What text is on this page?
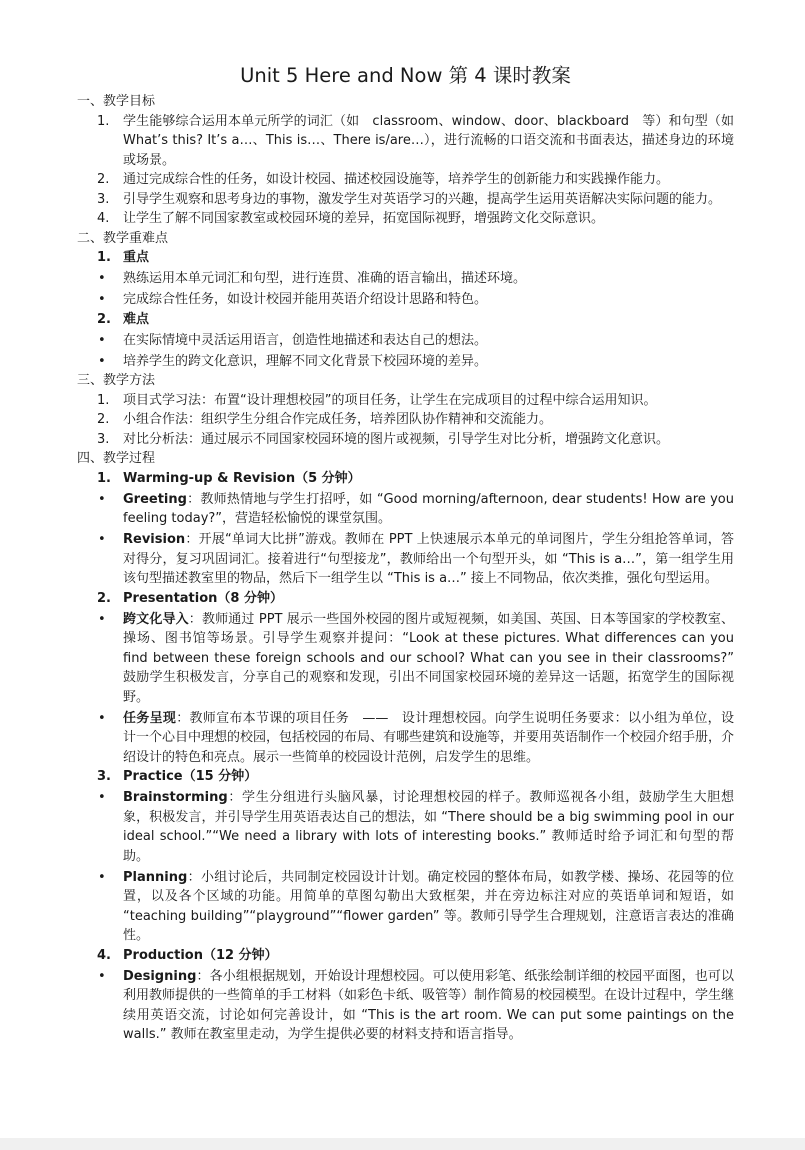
Unit 5 Here and Now 第 4 课时教案
一、教学目标
1. 学生能够综合运用本单元所学的词汇（如　classroom、window、door、blackboard　等）和句型（如 What’s this? It’s a…、This is…、There is/are…），进行流畅的口语交流和书面表达，描述身边的环境或场景。
2. 通过完成综合性的任务，如设计校园、描述校园设施等，培养学生的创新能力和实践操作能力。
3. 引导学生观察和思考身边的事物，激发学生对英语学习的兴趣，提高学生运用英语解决实际问题的能力。
4. 让学生了解不同国家教室或校园环境的差异，拓宽国际视野，增强跨文化交际意识。
二、教学重难点
1. 重点
• 熟练运用本单元词汇和句型，进行连贯、准确的语言输出，描述环境。
• 完成综合性任务，如设计校园并能用英语介绍设计思路和特色。
2. 难点
• 在实际情境中灵活运用语言，创造性地描述和表达自己的想法。
• 培养学生的跨文化意识，理解不同文化背景下校园环境的差异。
三、教学方法
1. 项目式学习法：布置“设计理想校园”的项目任务，让学生在完成项目的过程中综合运用知识。
2. 小组合作法：组织学生分组合作完成任务，培养团队协作精神和交流能力。
3. 对比分析法：通过展示不同国家校园环境的图片或视频，引导学生对比分析，增强跨文化意识。
四、教学过程
1. Warming-up & Revision（5 分钟）
• Greeting：教师热情地与学生打招呼，如 “Good morning/afternoon, dear students! How are you feeling today?”，营造轻松愉悦的课堂氛围。
• Revision：开展“单词大比拼”游戏。教师在 PPT 上快速展示本单元的单词图片，学生分组抢答单词，答对得分，复习巩固词汇。接着进行“句型接龙”，教师给出一个句型开头，如 “This is a…”，第一组学生用该句型描述教室里的物品，然后下一组学生以 “This is a…” 接上不同物品，依次类推，强化句型运用。
2. Presentation（8 分钟）
• 跨文化导入：教师通过 PPT 展示一些国外校园的图片或短视频，如美国、英国、日本等国家的学校教室、操场、图书馆等场景。引导学生观察并提问：“Look at these pictures. What differences can you find between these foreign schools and our school? What can you see in their classrooms?” 鼓励学生积极发言，分享自己的观察和发现，引出不同国家校园环境的差异这一话题，拓宽学生的国际视野。
• 任务呈现：教师宣布本节课的项目任务　——　设计理想校园。向学生说明任务要求：以小组为单位，设计一个心目中理想的校园，包括校园的布局、有哪些建筑和设施等，并要用英语制作一个校园介绍手册，介绍设计的特色和亮点。展示一些简单的校园设计范例，启发学生的思维。
3. Practice（15 分钟）
• Brainstorming：学生分组进行头脑风暴，讨论理想校园的样子。教师巡视各小组，鼓励学生大胆想象，积极发言，并引导学生用英语表达自己的想法，如 “There should be a big swimming pool in our ideal school.”“We need a library with lots of interesting books.” 教师适时给予词汇和句型的帮助。
• Planning：小组讨论后，共同制定校园设计计划。确定校园的整体布局，如教学楼、操场、花园等的位置，以及各个区域的功能。用简单的草图勾勒出大致框架，并在旁边标注对应的英语单词和短语，如 “teaching building”“playground”“flower garden” 等。教师引导学生合理规划，注意语言表达的准确性。
4. Production（12 分钟）
• Designing：各小组根据规划，开始设计理想校园。可以使用彩笔、纸张绘制详细的校园平面图，也可以利用教师提供的一些简单的手工材料（如彩色卡纸、吸管等）制作简易的校园模型。在设计过程中，学生继续用英语交流，讨论如何完善设计，如 “This is the art room. We can put some paintings on the walls.” 教师在教室里走动，为学生提供必要的材料支持和语言指导。
